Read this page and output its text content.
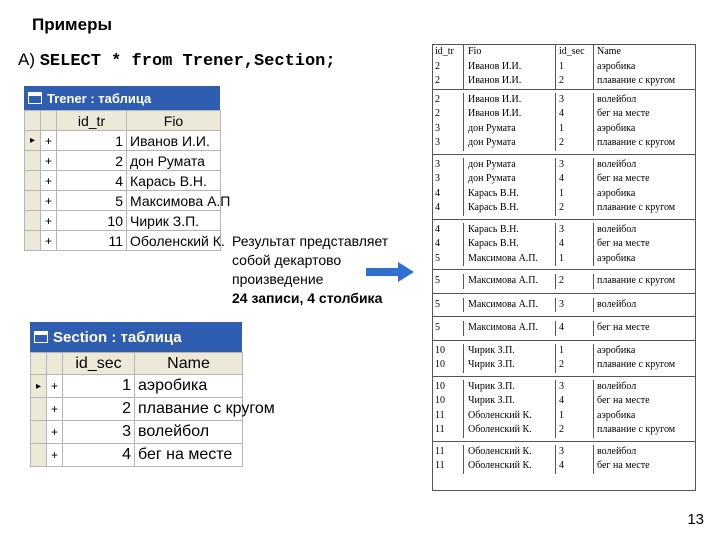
Примеры
A) SELECT * from Trener,Section;
Trener : таблица
		id_tr	Fio
▸	+	1	Иванов И.И.
	+	2	дон Румата
	+	4	Карась В.Н.
	+	5	Максимова А.П
	+	10	Чирик З.П.
	+	11	Оболенский К.
Section : таблица
		id_sec	Name
▸	+	1	аэробика
	+	2	плавание с кругом
	+	3	волейбол
	+	4	бег на месте
Результат представляет
собой декартово
произведение
24 записи, 4 столбика
id_tr	Fio	id_sec	Name
2	Иванов И.И.	1	аэробика
2	Иванов И.И.	2	плавание с кругом
2	Иванов И.И.	3	волейбол
2	Иванов И.И.	4	бег на месте
3	дон Румата	1	аэробика
3	дон Румата	2	плавание с кругом
3	дон Румата	3	волейбол
3	дон Румата	4	бег на месте
4	Карась В.Н.	1	аэробика
4	Карась В.Н.	2	плавание с кругом
4	Карась В.Н.	3	волейбол
4	Карась В.Н.	4	бег на месте
5	Максимова А.П.	1	аэробика
5	Максимова А.П.	2	плавание с кругом
5	Максимова А.П.	3	волейбол
5	Максимова А.П.	4	бег на месте
10	Чирик З.П.	1	аэробика
10	Чирик З.П.	2	плавание с кругом
10	Чирик З.П.	3	волейбол
10	Чирик З.П.	4	бег на месте
11	Оболенский К.	1	аэробика
11	Оболенский К.	2	плавание с кругом
11	Оболенский К.	3	волейбол
11	Оболенский К.	4	бег на месте
13
